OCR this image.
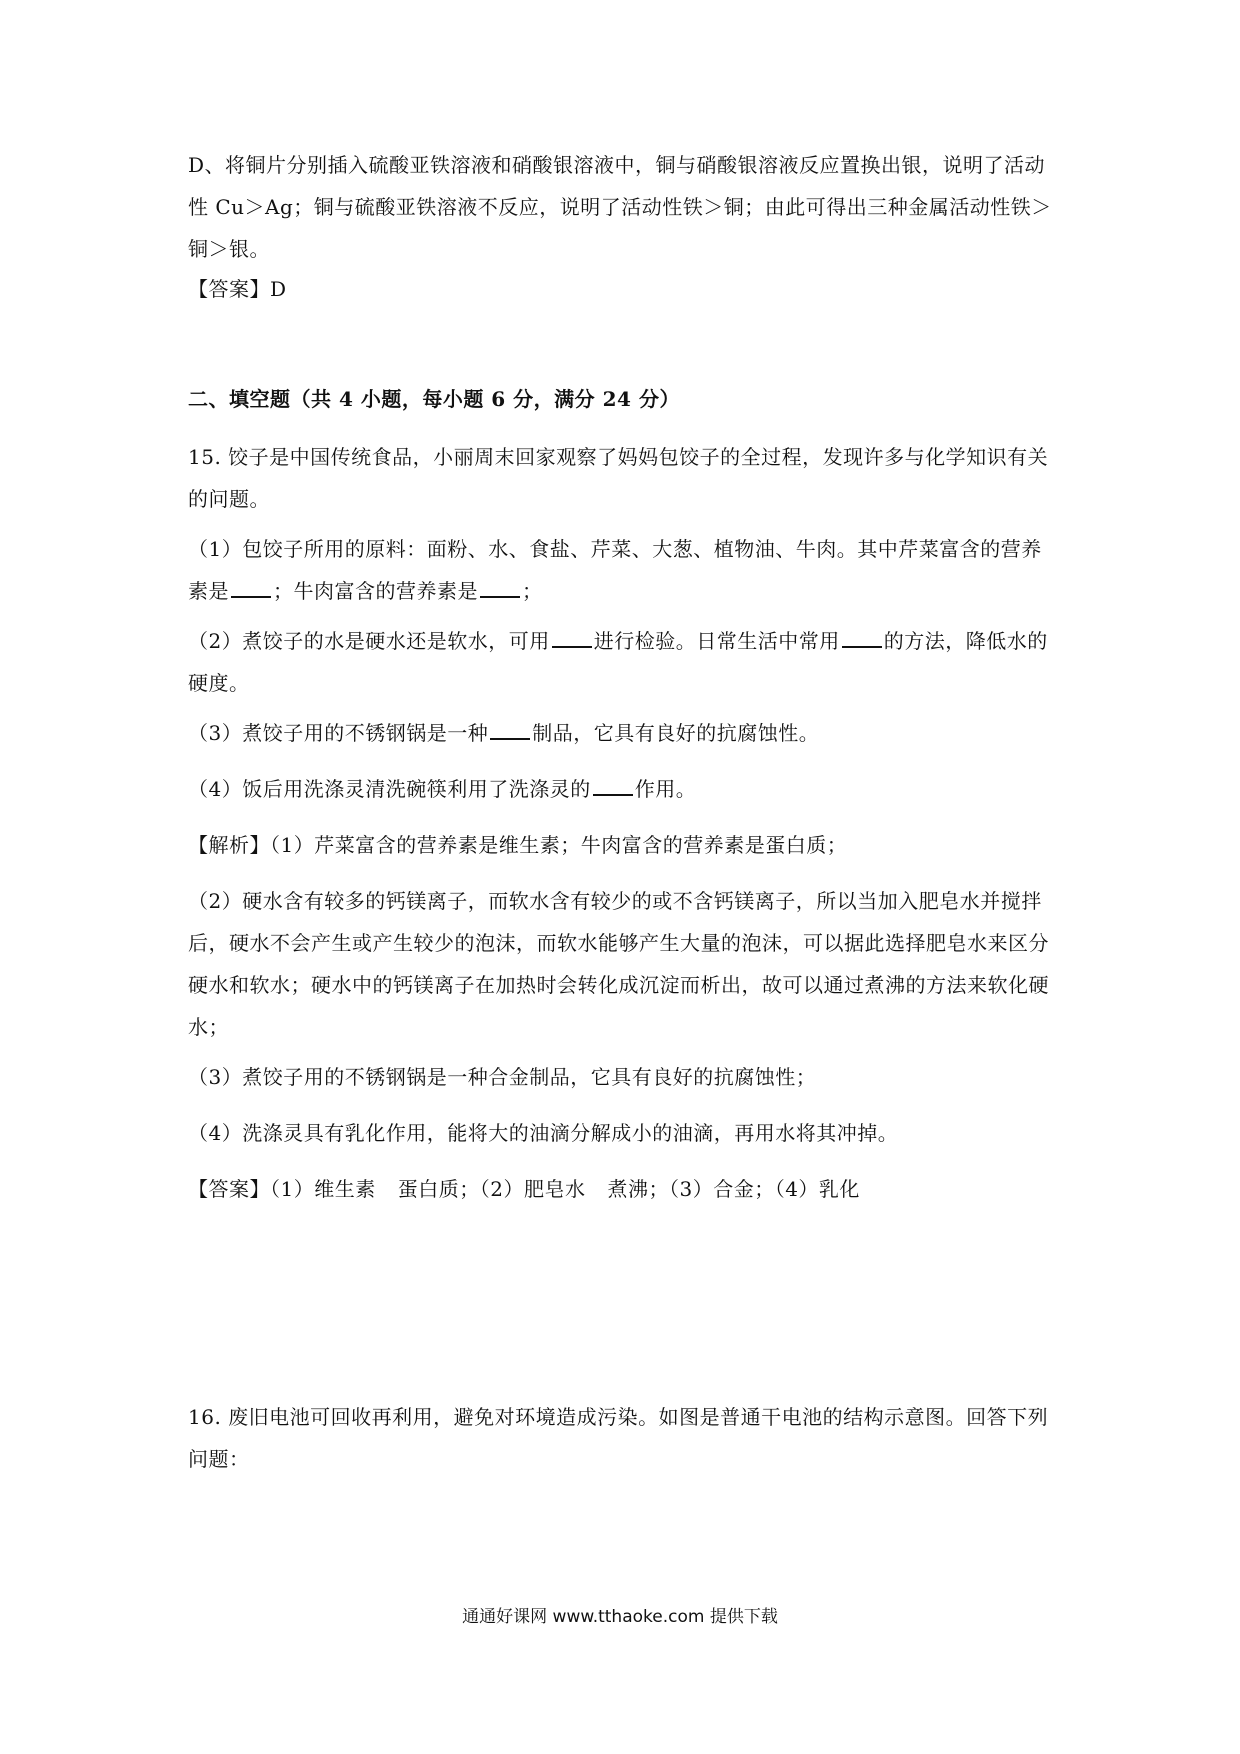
D、将铜片分别插入硫酸亚铁溶液和硝酸银溶液中，铜与硝酸银溶液反应置换出银，说明了活动性 Cu＞Ag；铜与硫酸亚铁溶液不反应，说明了活动性铁＞铜；由此可得出三种金属活动性铁＞铜＞银。

【答案】D

二、填空题（共 4 小题，每小题 6 分，满分 24 分）

15. 饺子是中国传统食品，小丽周末回家观察了妈妈包饺子的全过程，发现许多与化学知识有关的问题。

（1）包饺子所用的原料：面粉、水、食盐、芹菜、大葱、植物油、牛肉。其中芹菜富含的营养素是 ；牛肉富含的营养素是 ；

（2）煮饺子的水是硬水还是软水，可用 进行检验。日常生活中常用 的方法，降低水的硬度。

（3）煮饺子用的不锈钢锅是一种 制品，它具有良好的抗腐蚀性。

（4）饭后用洗涤灵清洗碗筷利用了洗涤灵的 作用。

【解析】（1）芹菜富含的营养素是维生素；牛肉富含的营养素是蛋白质；

（2）硬水含有较多的钙镁离子，而软水含有较少的或不含钙镁离子，所以当加入肥皂水并搅拌后，硬水不会产生或产生较少的泡沫，而软水能够产生大量的泡沫，可以据此选择肥皂水来区分硬水和软水；硬水中的钙镁离子在加热时会转化成沉淀而析出，故可以通过煮沸的方法来软化硬水；

（3）煮饺子用的不锈钢锅是一种合金制品，它具有良好的抗腐蚀性；

（4）洗涤灵具有乳化作用，能将大的油滴分解成小的油滴，再用水将其冲掉。

【答案】（1）维生素 蛋白质；（2）肥皂水 煮沸；（3）合金；（4）乳化

16. 废旧电池可回收再利用，避免对环境造成污染。如图是普通干电池的结构示意图。回答下列问题：

通通好课网 www.tthaoke.com 提供下载
